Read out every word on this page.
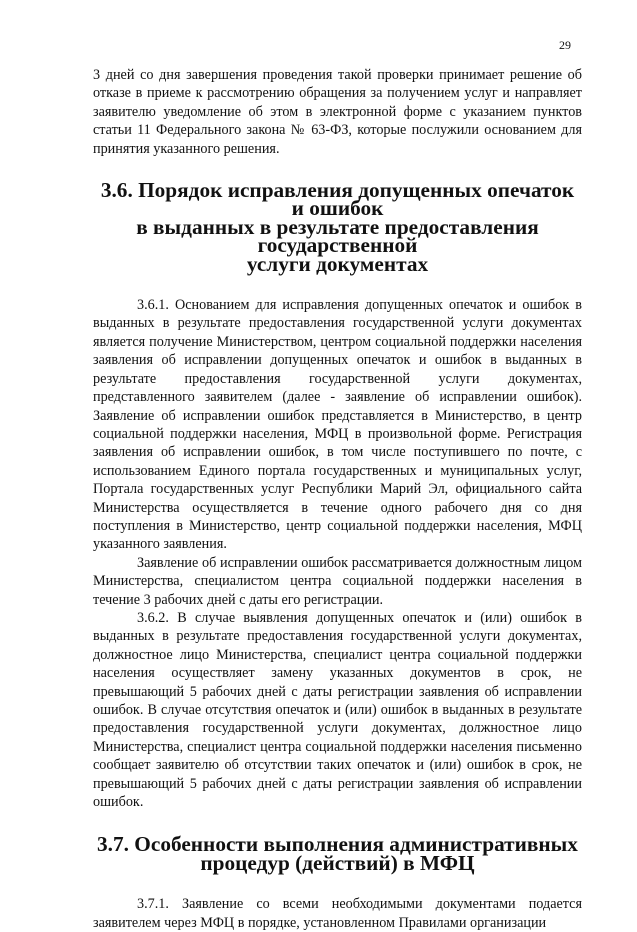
29

3 дней со дня завершения проведения такой проверки принимает решение об отказе в приеме к рассмотрению обращения за получением услуг и направляет заявителю уведомление об этом в электронной форме с указанием пунктов статьи 11 Федерального закона № 63-ФЗ, которые послужили основанием для принятия указанного решения.

3.6. Порядок исправления допущенных опечаток и ошибок
в выданных в результате предоставления государственной
услуги документах

3.6.1. Основанием для исправления допущенных опечаток и ошибок в выданных в результате предоставления государственной услуги документах является получение Министерством, центром социальной поддержки населения заявления об исправлении допущенных опечаток и ошибок в выданных в результате предоставления государственной услуги документах, представленного заявителем (далее - заявление об исправлении ошибок). Заявление об исправлении ошибок представляется в Министерство, в центр социальной поддержки населения, МФЦ в произвольной форме. Регистрация заявления об исправлении ошибок, в том числе поступившего по почте, с использованием Единого портала государственных и муниципальных услуг, Портала государственных услуг Республики Марий Эл, официального сайта Министерства осуществляется в течение одного рабочего дня со дня поступления в Министерство, центр социальной поддержки населения, МФЦ указанного заявления.

Заявление об исправлении ошибок рассматривается должностным лицом Министерства, специалистом центра социальной поддержки населения в течение 3 рабочих дней с даты его регистрации.

3.6.2. В случае выявления допущенных опечаток и (или) ошибок в выданных в результате предоставления государственной услуги документах, должностное лицо Министерства, специалист центра социальной поддержки населения осуществляет замену указанных документов в срок, не превышающий 5 рабочих дней с даты регистрации заявления об исправлении ошибок. В случае отсутствия опечаток и (или) ошибок в выданных в результате предоставления государственной услуги документах, должностное лицо Министерства, специалист центра социальной поддержки населения письменно сообщает заявителю об отсутствии таких опечаток и (или) ошибок в срок, не превышающий 5 рабочих дней с даты регистрации заявления об исправлении ошибок.

3.7. Особенности выполнения административных
процедур (действий) в МФЦ

3.7.1. Заявление со всеми необходимыми документами подается заявителем через МФЦ в порядке, установленном Правилами организации
